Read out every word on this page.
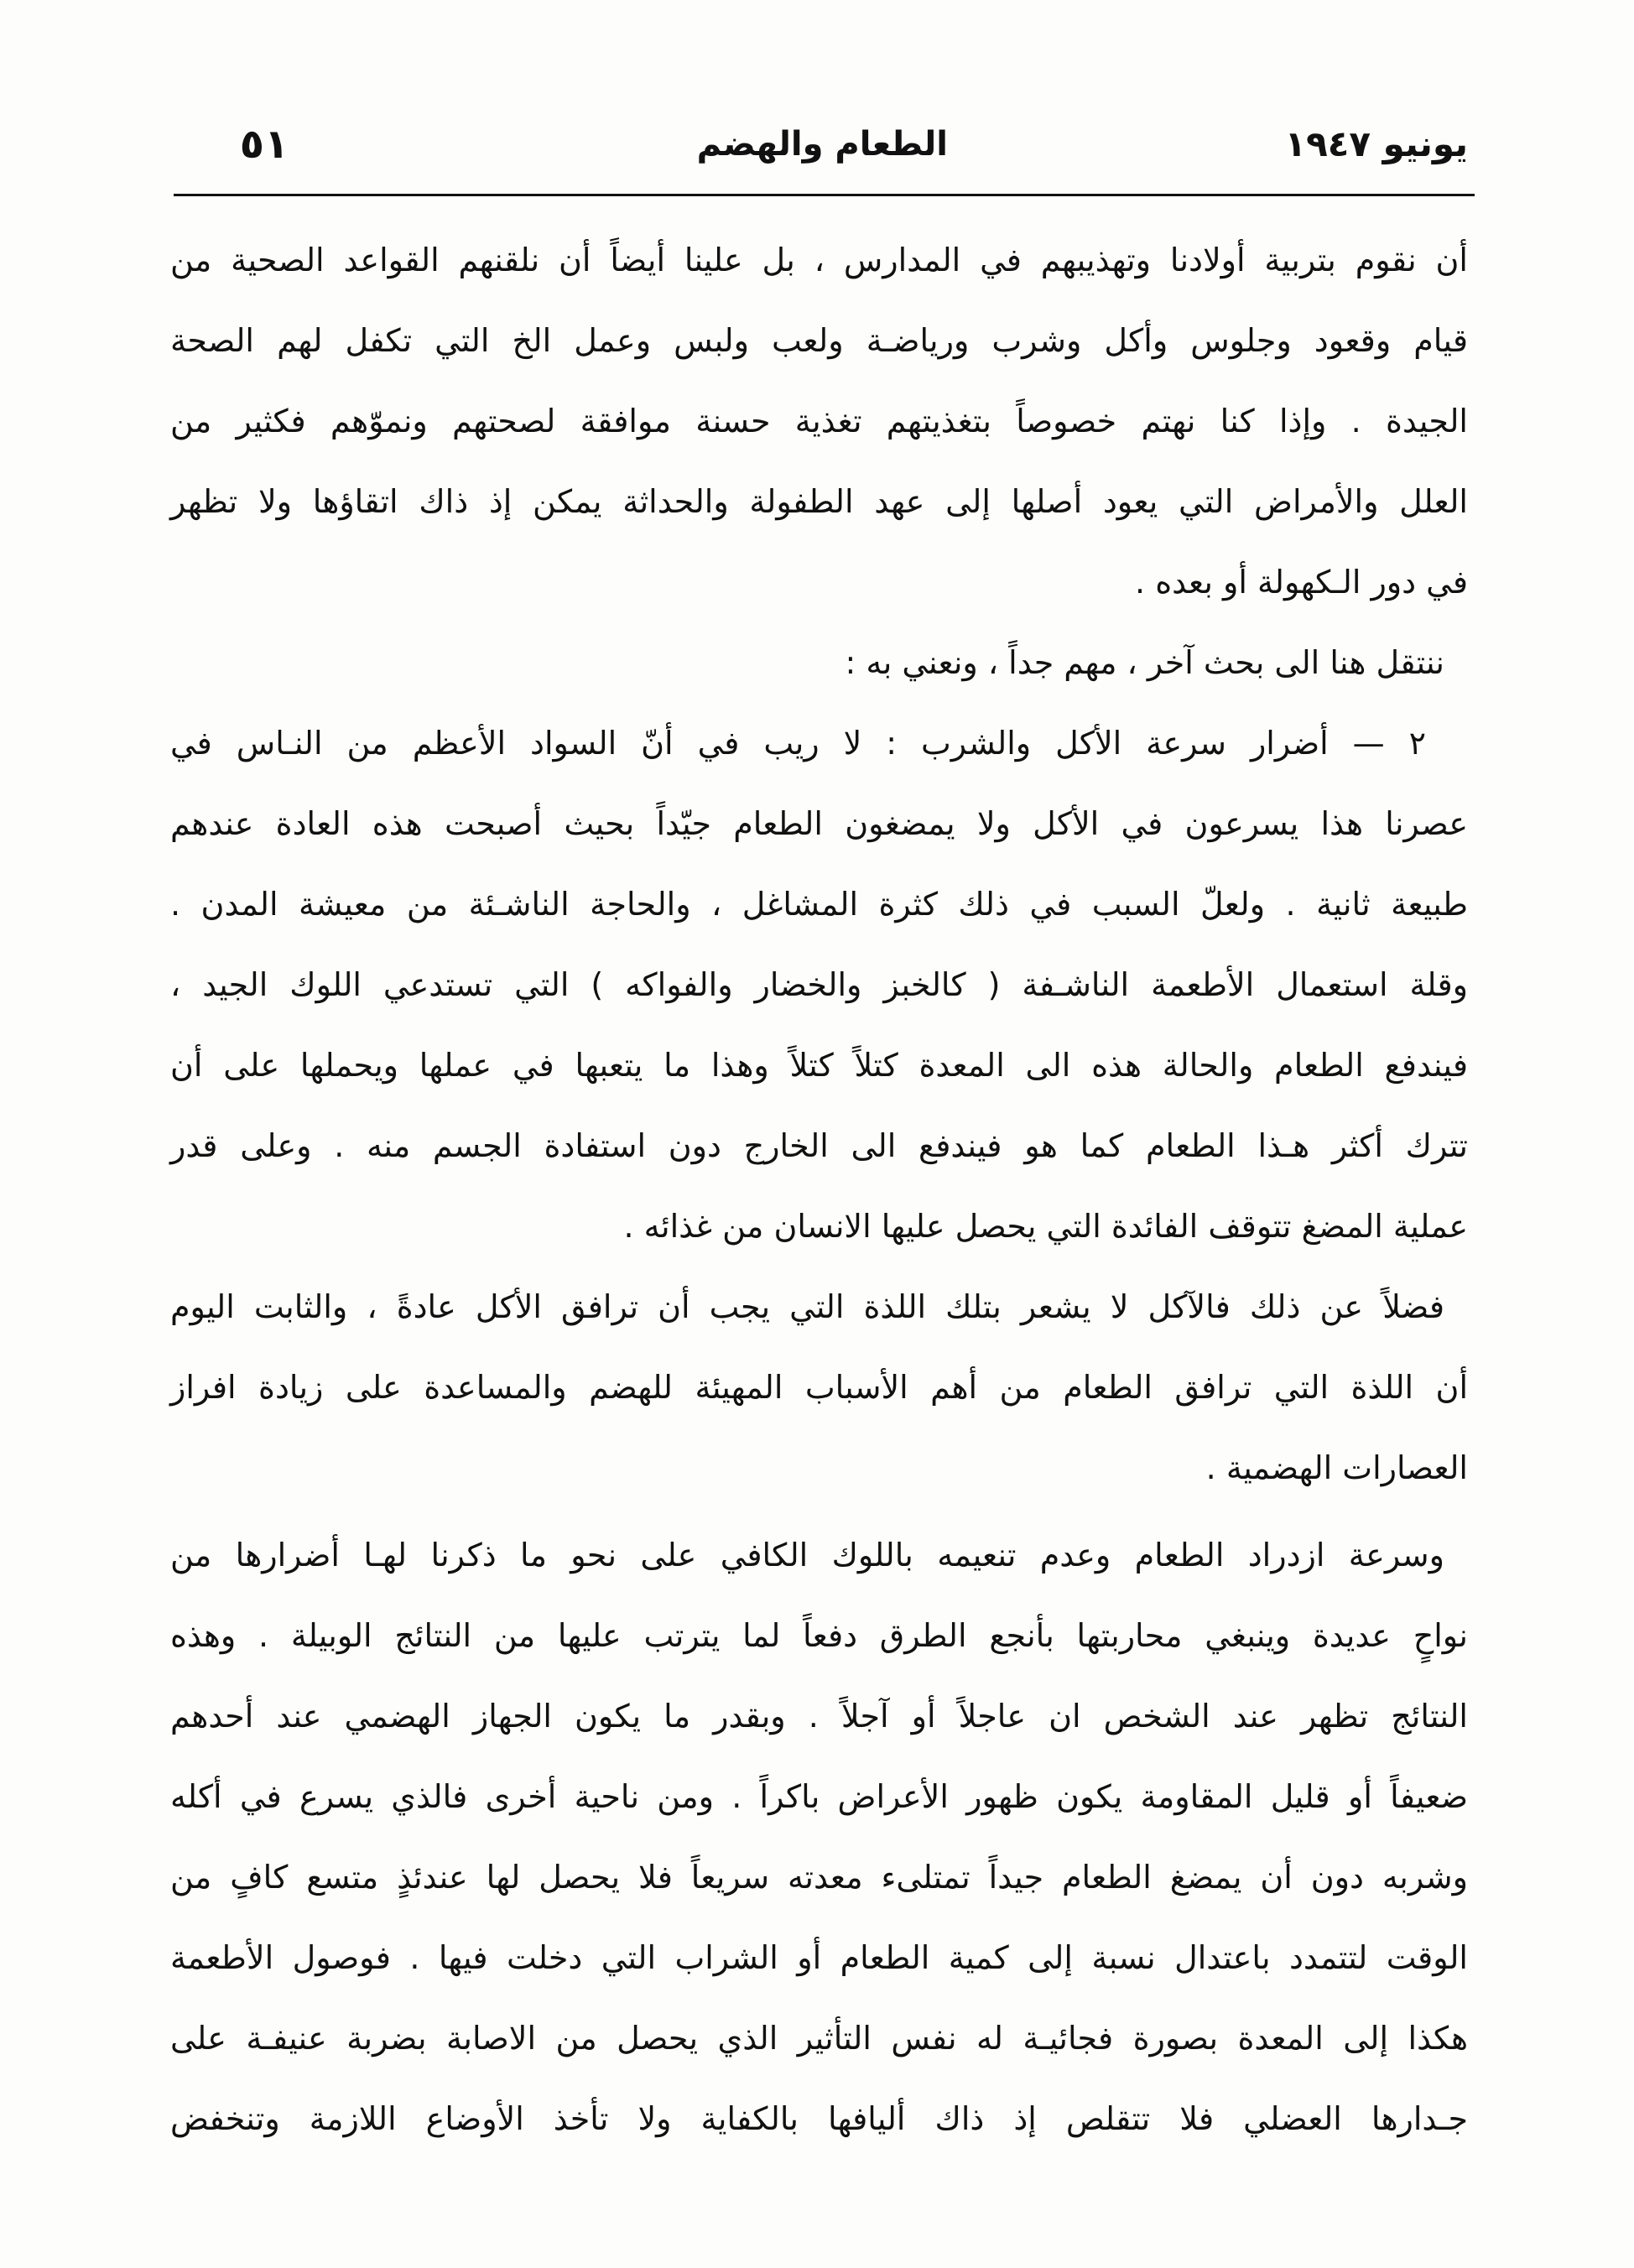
يونيو ١٩٤٧
الطعام والهضم
٥١
أن نقوم بتربية أولادنا وتهذيبهم في المدارس ، بل علينا أيضاً أن نلقنهم القواعد الصحية من
قيام وقعود وجلوس وأكل وشرب ورياضـة ولعب ولبس وعمل الخ التي تكفل لهم الصحة
الجيدة . وإذا كنا نهتم خصوصاً بتغذيتهم تغذية حسنة موافقة لصحتهم ونموّهم فكثير من
العلل والأمراض التي يعود أصلها إلى عهد الطفولة والحداثة يمكن إذ ذاك اتقاؤها ولا تظهر
في دور الـكهولة أو بعده .
ننتقل هنا الى بحث آخر ، مهم جداً ، ونعني به :
٢ — أضرار سرعة الأكل والشرب : لا ريب في أنّ السواد الأعظم من النـاس في
عصرنا هذا يسرعون في الأكل ولا يمضغون الطعام جيّداً بحيث أصبحت هذه العادة عندهم
طبيعة ثانية . ولعلّ السبب في ذلك كثرة المشاغل ، والحاجة الناشـئة من معيشة المدن .
وقلة استعمال الأطعمة الناشـفة ( كالخبز والخضار والفواكه ) التي تستدعي اللوك الجيد ،
فيندفع الطعام والحالة هذه الى المعدة كتلاً كتلاً وهذا ما يتعبها في عملها ويحملها على أن
تترك أكثر هـذا الطعام كما هو فيندفع الى الخارج دون استفادة الجسم منه . وعلى قدر
عملية المضغ تتوقف الفائدة التي يحصل عليها الانسان من غذائه .
فضلاً عن ذلك فالآكل لا يشعر بتلك اللذة التي يجب أن ترافق الأكل عادةً ، والثابت اليوم
أن اللذة التي ترافق الطعام من أهم الأسباب المهيئة للهضم والمساعدة على زيادة افراز
العصارات الهضمية .
وسرعة ازدراد الطعام وعدم تنعيمه باللوك الكافي على نحو ما ذكرنا لهـا أضرارها من
نواحٍ عديدة وينبغي محاربتها بأنجع الطرق دفعاً لما يترتب عليها من النتائج الوبيلة . وهذه
النتائج تظهر عند الشخص ان عاجلاً أو آجلاً . وبقدر ما يكون الجهاز الهضمي عند أحدهم
ضعيفاً أو قليل المقاومة يكون ظهور الأعراض باكراً . ومن ناحية أخرى فالذي يسرع في أكله
وشربه دون أن يمضغ الطعام جيداً تمتلىء معدته سريعاً فلا يحصل لها عندئذٍ متسع كافٍ من
الوقت لتتمدد باعتدال نسبة إلى كمية الطعام أو الشراب التي دخلت فيها . فوصول الأطعمة
هكذا إلى المعدة بصورة فجائيـة له نفس التأثير الذي يحصل من الاصابة بضربة عنيفـة على
جـدارها العضلي فلا تتقلص إذ ذاك أليافها بالكفاية ولا تأخذ الأوضاع اللازمة وتنخفض
